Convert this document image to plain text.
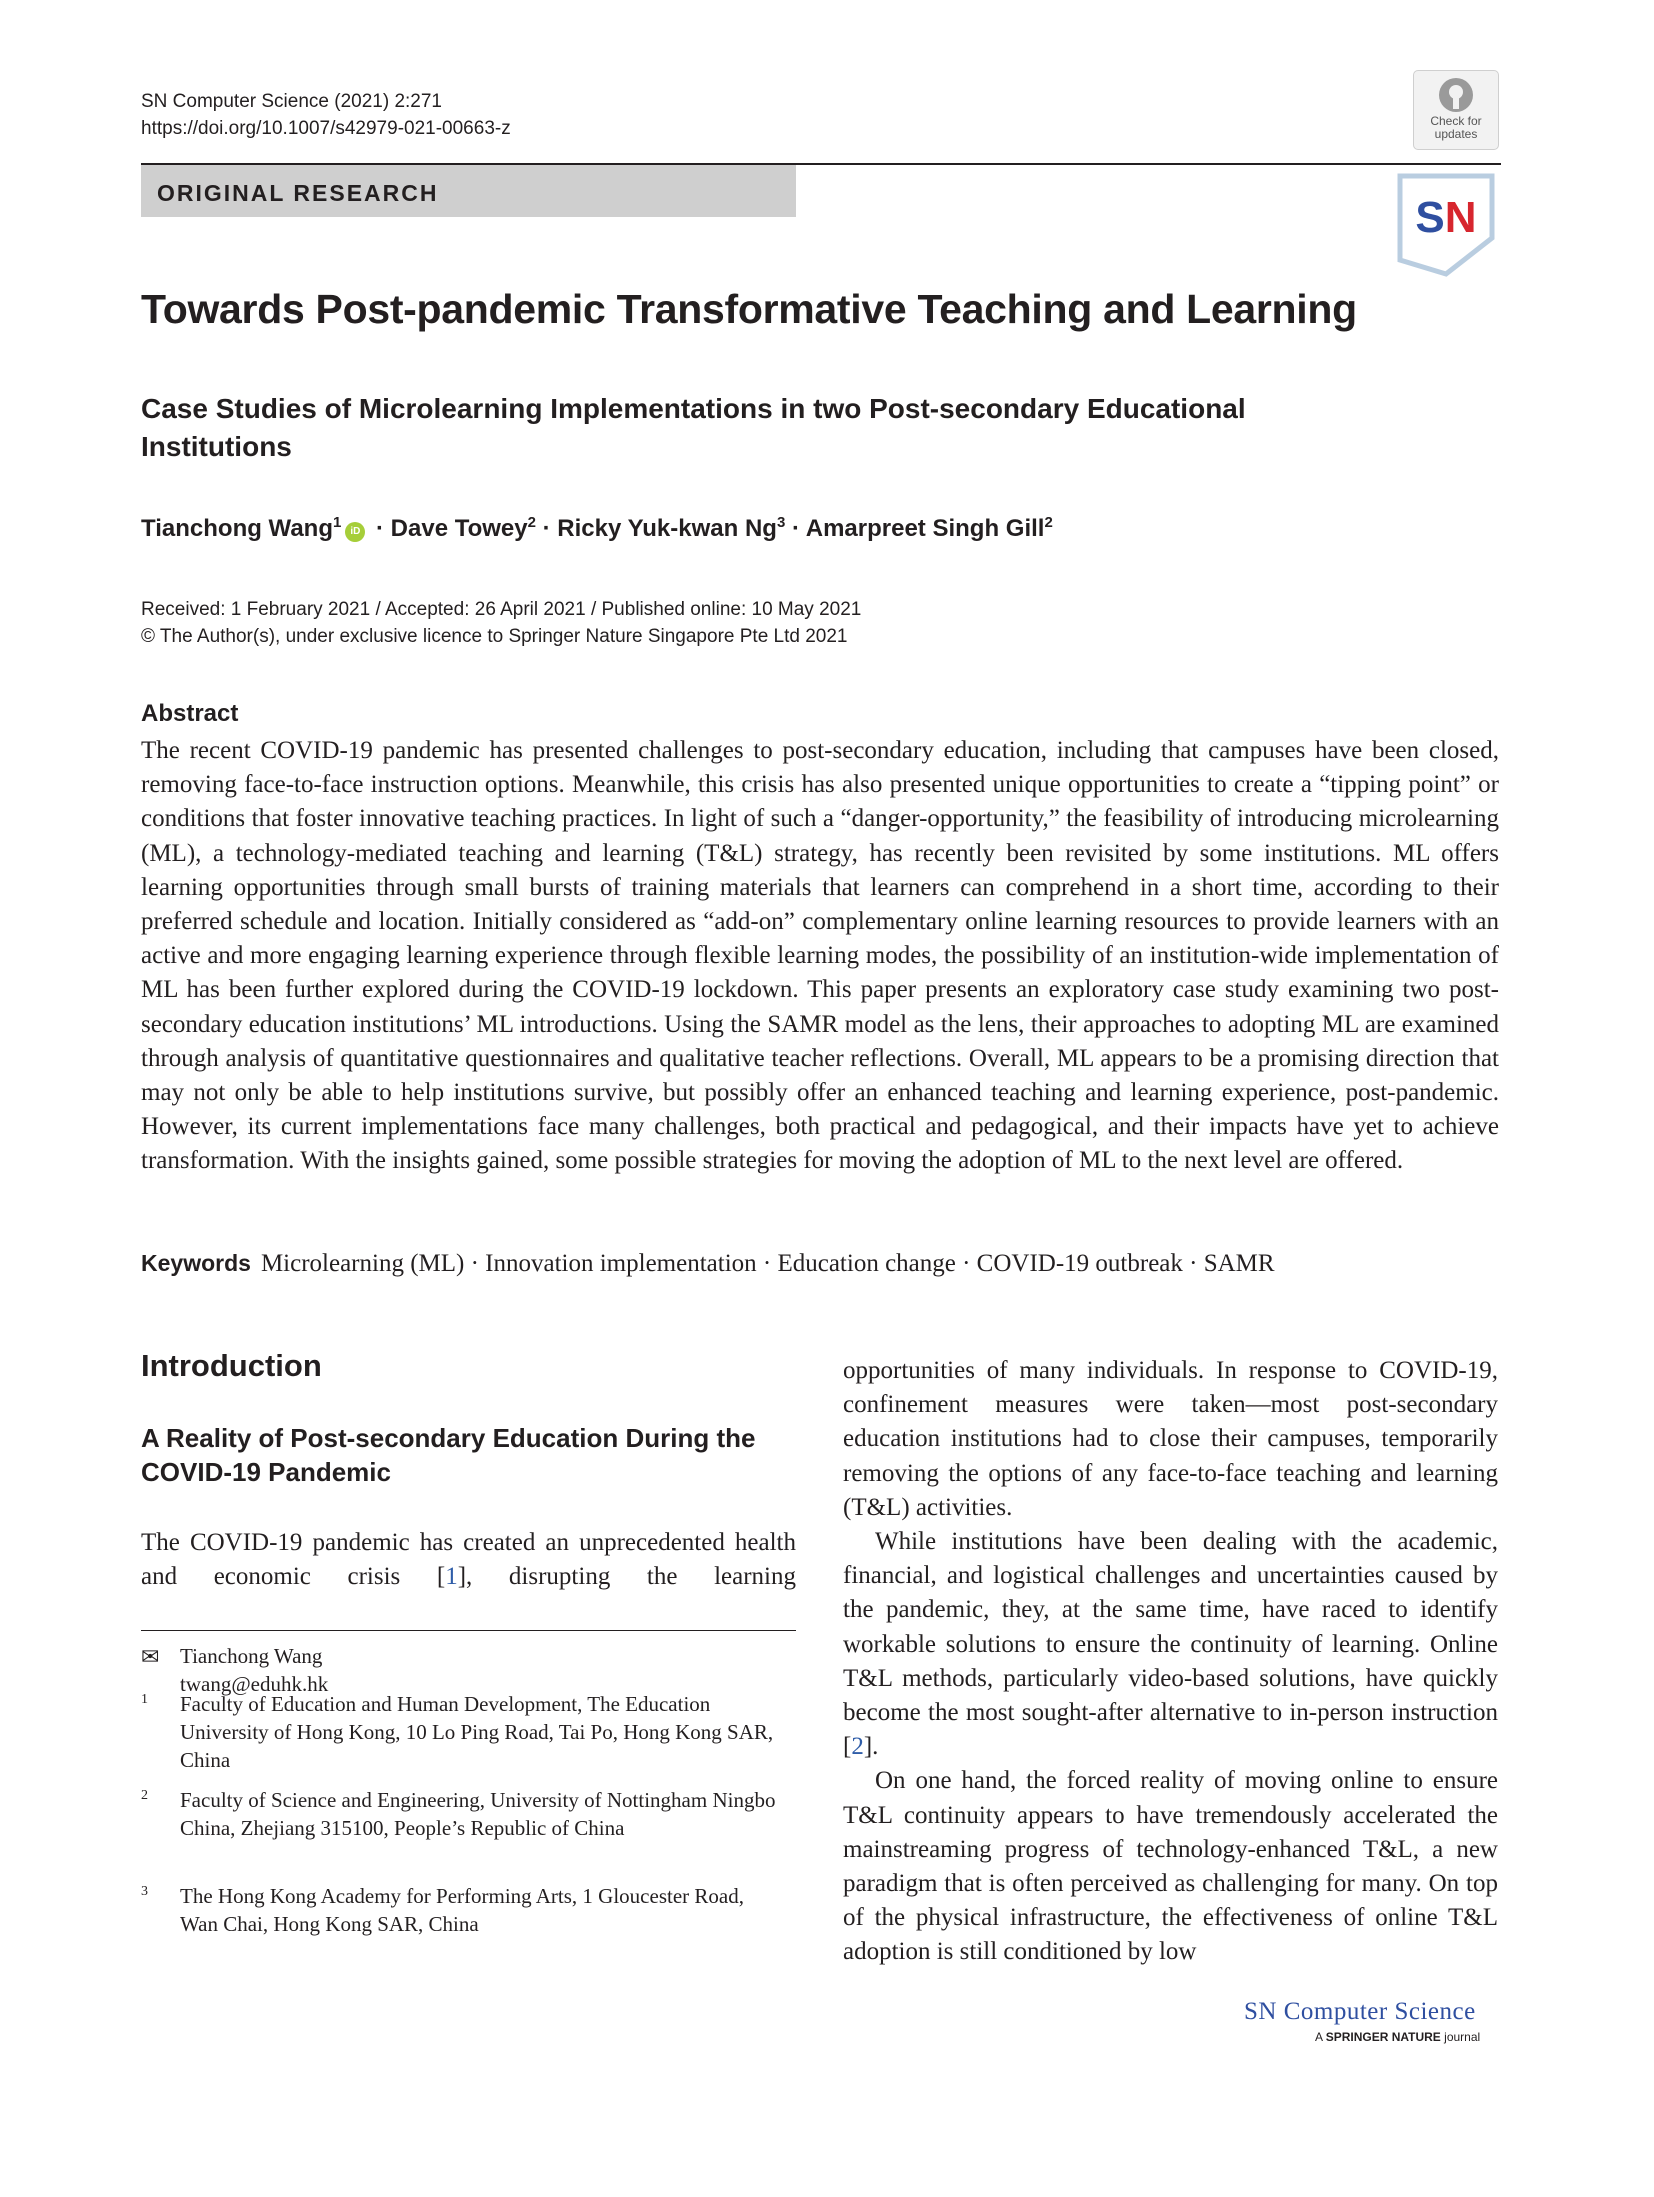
SN Computer Science (2021) 2:271
https://doi.org/10.1007/s42979-021-00663-z	Check for updates
ORIGINAL RESEARCH	SN
Towards Post-pandemic Transformative Teaching and Learning
Case Studies of Microlearning Implementations in two Post-secondary Educational Institutions
Tianchong Wang$^1$iD · Dave Towey$^2$ · Ricky Yuk-kwan $Ng^3$ · Amarpreet Singh Gill$^2$
Received: 1 February 2021 / Accepted: 26 April 2021 / Published online: 10 May 2021
© The Author(s), under exclusive licence to Springer Nature Singapore Pte Ltd 2021
Abstract
The recent COVID-19 pandemic has presented challenges to post-secondary education, including that campuses have been closed, removing face-to-face instruction options. Meanwhile, this crisis has also presented unique opportunities to create a “tipping point” or conditions that foster innovative teaching practices. In light of such a “danger-opportunity,” the feasibility of introducing microlearning (ML), a technology-mediated teaching and learning (T&L) strategy, has recently been revisited by some institutions. ML offers learning opportunities through small bursts of training materials that learners can comprehend in a short time, according to their preferred schedule and location. Initially considered as “add-on” complementary online learning resources to provide learners with an active and more engaging learning experience through flexible learning modes, the possibility of an institution-wide implementation of ML has been further explored during the COVID-19 lockdown. This paper presents an exploratory case study examining two post-secondary education institutions’ ML introductions. Using the SAMR model as the lens, their approaches to adopting ML are examined through analysis of quantitative questionnaires and qualitative teacher reflections. Overall, ML appears to be a promising direction that may not only be able to help institutions survive, but possibly offer an enhanced teaching and learning experience, post-pandemic. However, its current implementations face many challenges, both practical and pedagogical, and their impacts have yet to achieve transformation. With the insights gained, some possible strategies for moving the adoption of ML to the next level are offered.
Keywords Microlearning (ML) · Innovation implementation · Education change · COVID-19 outbreak · SAMR
Introduction
A Reality of Post-secondary Education During the COVID-19 Pandemic
The COVID-19 pandemic has created an unprecedented health and economic crisis [1], disrupting the learning
✉ Tianchong Wang
twang@eduhk.hk
1	Faculty of Education and Human Development, The Education University of Hong Kong, 10 Lo Ping Road, Tai Po, Hong Kong SAR, China
2	Faculty of Science and Engineering, University of Nottingham Ningbo China, Zhejiang 315100, People’s Republic of China
3	The Hong Kong Academy for Performing Arts, 1 Gloucester Road, Wan Chai, Hong Kong SAR, China

opportunities of many individuals. In response to COVID-19, confinement measures were taken—most post-secondary education institutions had to close their campuses, temporarily removing the options of any face-to-face teaching and learning (T&L) activities.

While institutions have been dealing with the academic, financial, and logistical challenges and uncertainties caused by the pandemic, they, at the same time, have raced to identify workable solutions to ensure the continuity of learning. Online T&L methods, particularly video-based solutions, have quickly become the most sought-after alternative to in-person instruction [2].

On one hand, the forced reality of moving online to ensure T&L continuity appears to have tremendously accelerated the mainstreaming progress of technology-enhanced T&L, a new paradigm that is often perceived as challenging for many. On top of the physical infrastructure, the effectiveness of online T&L adoption is still conditioned by low

SN Computer Science
A SPRINGER NATURE journal
